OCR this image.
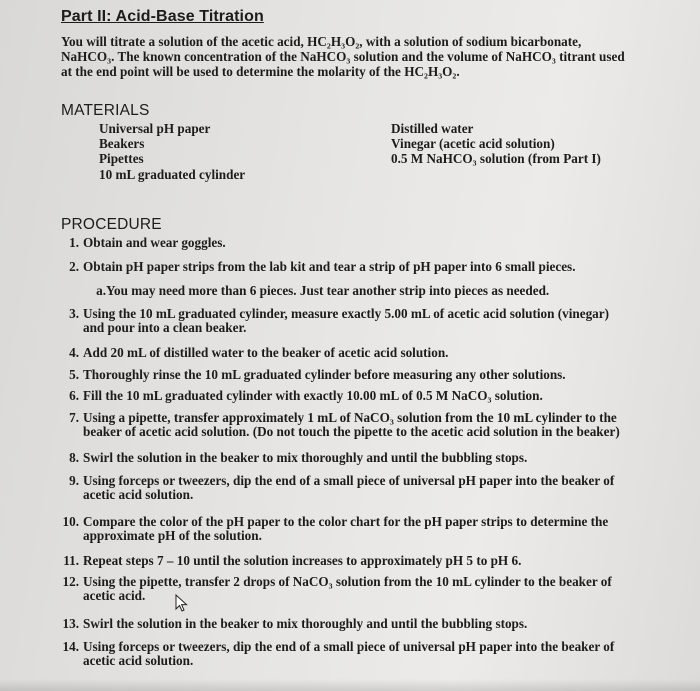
Part II: Acid-Base Titration
You will titrate a solution of the acetic acid, HC₂H₃O₂, with a solution of sodium bicarbonate,
NaHCO₃. The known concentration of the NaHCO₃ solution and the volume of NaHCO₃ titrant used
at the end point will be used to determine the molarity of the HC₂H₃O₂.
MATERIALS
Universal pH paper
Beakers
Pipettes
10 mL graduated cylinder
Distilled water
Vinegar (acetic acid solution)
0.5 M NaHCO₃ solution (from Part I)
PROCEDURE
1. Obtain and wear goggles.
2. Obtain pH paper strips from the lab kit and tear a strip of pH paper into 6 small pieces.
a. You may need more than 6 pieces. Just tear another strip into pieces as needed.
3. Using the 10 mL graduated cylinder, measure exactly 5.00 mL of acetic acid solution (vinegar)
and pour into a clean beaker.
4. Add 20 mL of distilled water to the beaker of acetic acid solution.
5. Thoroughly rinse the 10 mL graduated cylinder before measuring any other solutions.
6. Fill the 10 mL graduated cylinder with exactly 10.00 mL of 0.5 M NaCO₃ solution.
7. Using a pipette, transfer approximately 1 mL of NaCO₃ solution from the 10 mL cylinder to the
beaker of acetic acid solution. (Do not touch the pipette to the acetic acid solution in the beaker)
8. Swirl the solution in the beaker to mix thoroughly and until the bubbling stops.
9. Using forceps or tweezers, dip the end of a small piece of universal pH paper into the beaker of
acetic acid solution.
10. Compare the color of the pH paper to the color chart for the pH paper strips to determine the
approximate pH of the solution.
11. Repeat steps 7 – 10 until the solution increases to approximately pH 5 to pH 6.
12. Using the pipette, transfer 2 drops of NaCO₃ solution from the 10 mL cylinder to the beaker of
acetic acid.
13. Swirl the solution in the beaker to mix thoroughly and until the bubbling stops.
14. Using forceps or tweezers, dip the end of a small piece of universal pH paper into the beaker of
acetic acid solution.
